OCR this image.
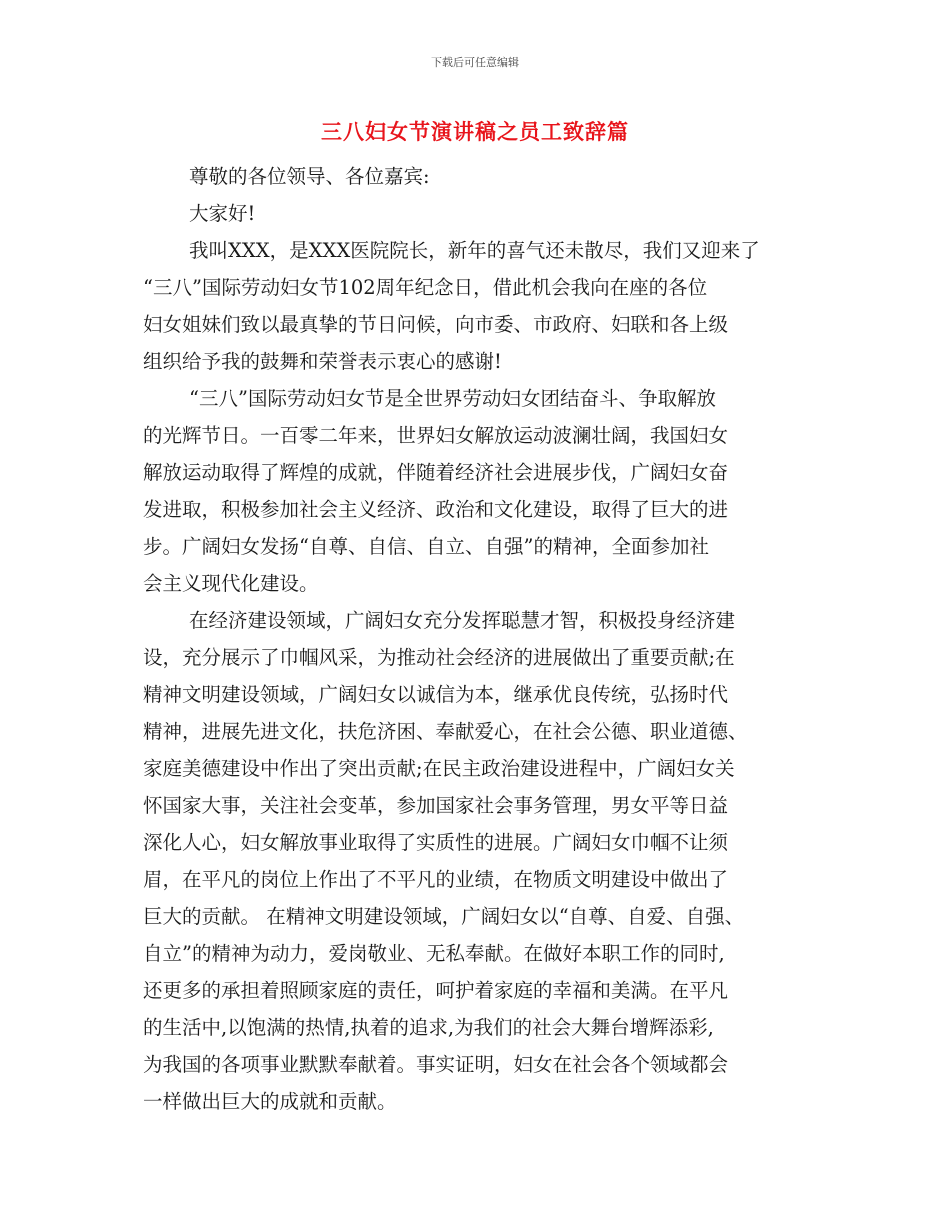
下载后可任意编辑
三八妇女节演讲稿之员工致辞篇
尊敬的各位领导、各位嘉宾:
大家好!
我叫XXX，是XXX医院院长，新年的喜气还未散尽，我们又迎来了
“三八”国际劳动妇女节102周年纪念日，借此机会我向在座的各位
妇女姐妹们致以最真挚的节日问候，向市委、市政府、妇联和各上级
组织给予我的鼓舞和荣誉表示衷心的感谢!
“三八”国际劳动妇女节是全世界劳动妇女团结奋斗、争取解放
的光辉节日。一百零二年来，世界妇女解放运动波澜壮阔，我国妇女
解放运动取得了辉煌的成就，伴随着经济社会进展步伐，广阔妇女奋
发进取，积极参加社会主义经济、政治和文化建设，取得了巨大的进
步。广阔妇女发扬“自尊、自信、自立、自强”的精神，全面参加社
会主义现代化建设。
在经济建设领域，广阔妇女充分发挥聪慧才智，积极投身经济建
设，充分展示了巾帼风采，为推动社会经济的进展做出了重要贡献;在
精神文明建设领域，广阔妇女以诚信为本，继承优良传统，弘扬时代
精神，进展先进文化，扶危济困、奉献爱心，在社会公德、职业道德、
家庭美德建设中作出了突出贡献;在民主政治建设进程中，广阔妇女关
怀国家大事，关注社会变革，参加国家社会事务管理，男女平等日益
深化人心，妇女解放事业取得了实质性的进展。广阔妇女巾帼不让须
眉，在平凡的岗位上作出了不平凡的业绩，在物质文明建设中做出了
巨大的贡献。 在精神文明建设领域，广阔妇女以“自尊、自爱、自强、
自立”的精神为动力，爱岗敬业、无私奉献。在做好本职工作的同时,
还更多的承担着照顾家庭的责任，呵护着家庭的幸福和美满。在平凡
的生活中,以饱满的热情,执着的追求,为我们的社会大舞台增辉添彩,
为我国的各项事业默默奉献着。事实证明，妇女在社会各个领域都会
一样做出巨大的成就和贡献。
